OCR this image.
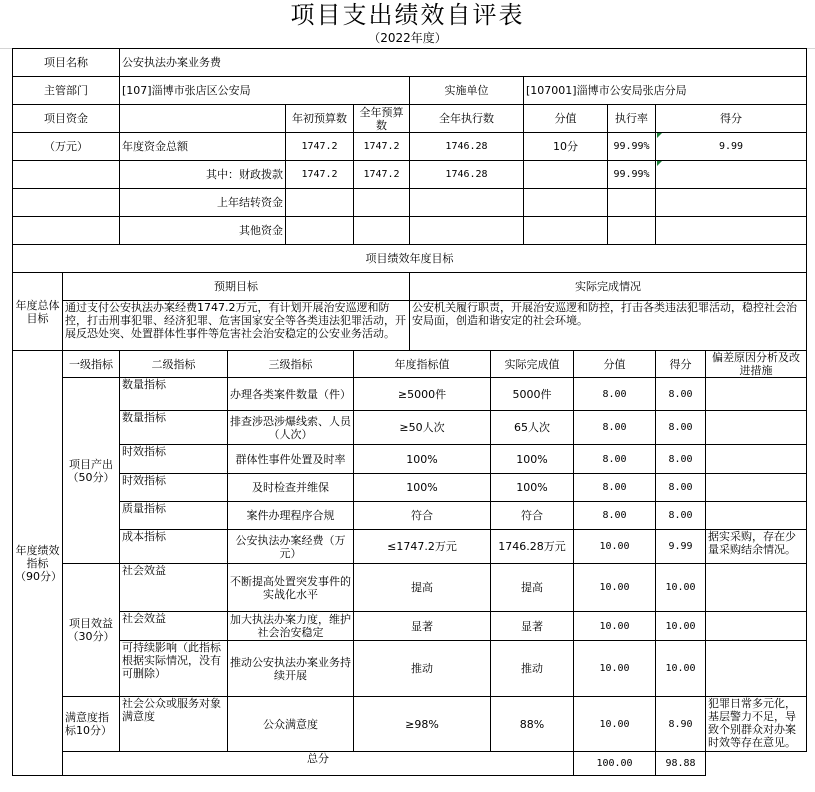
项目支出绩效自评表
（2022年度）
项目名称		公安执法办案业务费										
主管部门		[107]淄博市张店区公安局				实施单位		[107001]淄博市公安局张店分局				
项目资金				年初预算数	全年预算数	全年执行数		分值		执行率	得分	
（万元）		年度资金总额		1747.2	1747.2	1746.28		10分		99.99%	9.99	
		其中：财政拨款		1747.2	1747.2	1746.28				99.99%		
		上年结转资金										
		其他资金										
项目绩效年度目标												
年度总体目标	预期目标					实际完成情况						
	通过支付公安执法办案经费1747.2万元，有计划开展治安巡逻和防控，打击刑事犯罪、经济犯罪、危害国家安全等各类违法犯罪活动，开展反恐处突、处置群体性事件等危害社会治安稳定的公安业务活动。					公安机关履行职责，开展治安巡逻和防控，打击各类违法犯罪活动，稳控社会治安局面，创造和谐安定的社会环境。						
年度绩效指标（90分）	一级指标	二级指标	三级指标		年度指标值		实际完成值		分值		得分	偏差原因分析及改进措施
	项目产出（50分）	数量指标	办理各类案件数量（件）		≥5000件		5000件		8.00		8.00	
		数量指标	排查涉恐涉爆线索、人员（人次）		≥50人次		65人次		8.00		8.00	
		时效指标	群体性事件处置及时率		100%		100%		8.00		8.00	
		时效指标	及时检查并维保		100%		100%		8.00		8.00	
		质量指标	案件办理程序合规		符合		符合		8.00		8.00	
		成本指标	公安执法办案经费（万元）		≤1747.2万元		1746.28万元		10.00		9.99	据实采购，存在少量采购结余情况。
	项目效益（30分）	社会效益	不断提高处置突发事件的实战化水平		提高		提高		10.00		10.00	
		社会效益	加大执法办案力度，维护社会治安稳定		显著		显著		10.00		10.00	
		可持续影响（此指标根据实际情况，没有可删除）	推动公安执法办案业务持续开展		推动		推动		10.00		10.00	
	满意度指标10分）	社会公众或服务对象满意度	公众满意度		≥98%		88%		10.00		8.90	犯罪日常多元化，基层警力不足，导致个别群众对办案时效等存在意见。
	总分								100.00		98.88	
